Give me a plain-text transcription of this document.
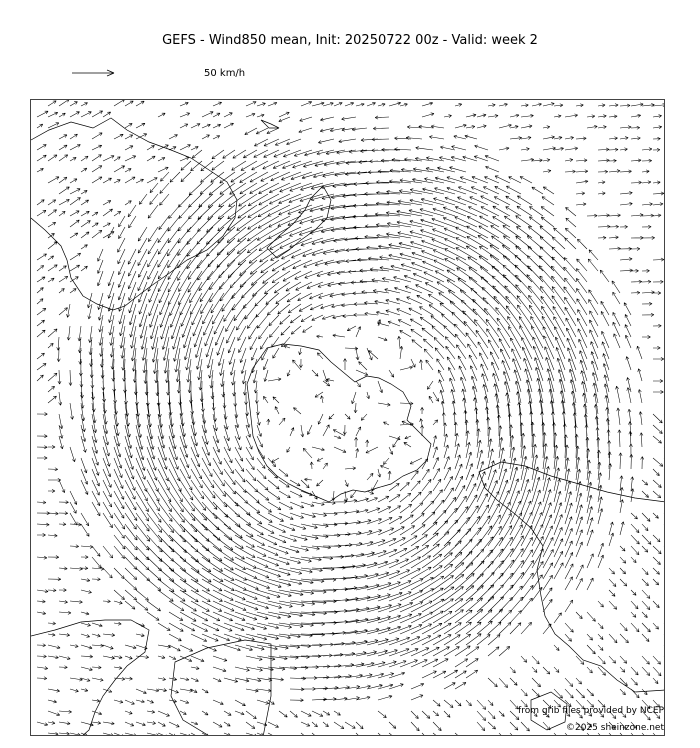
GEFS - Wind850 mean, Init: 20250722 00z - Valid: week 2
50 km/h
from grib files provided by NCEP
©2025 sheinzone.net
